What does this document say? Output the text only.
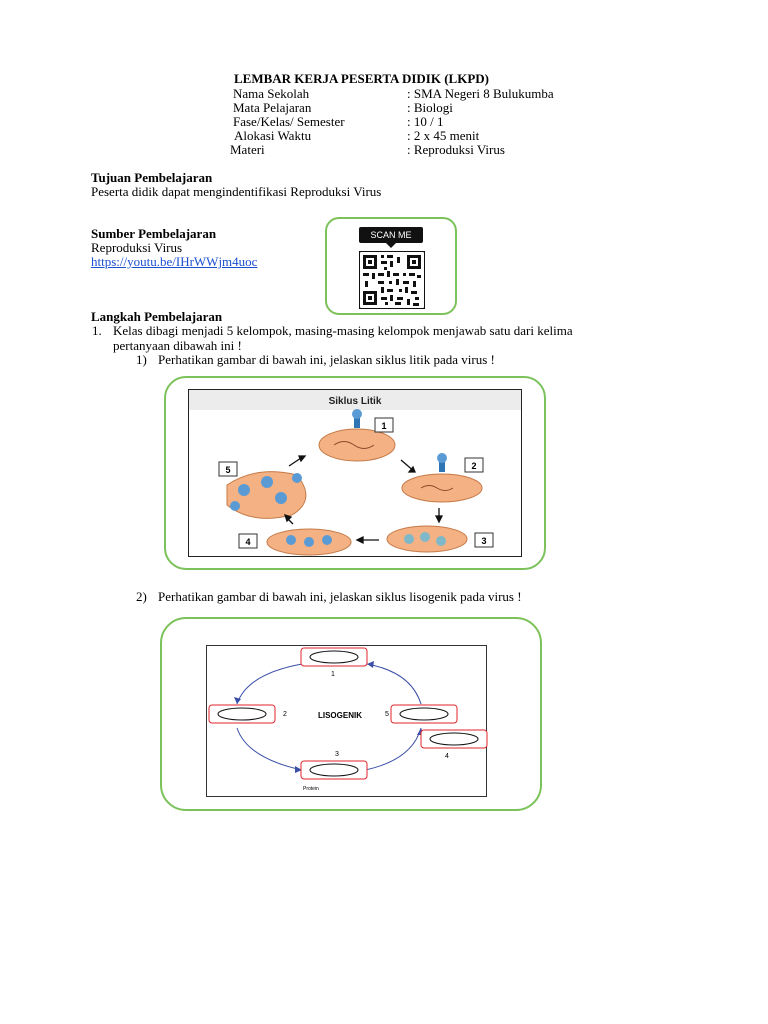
LEMBAR KERJA PESERTA DIDIK (LKPD)
Nama Sekolah	: SMA Negeri 8 Bulukumba
Mata Pelajaran	: Biologi
Fase/Kelas/ Semester	: 10 / 1
Alokasi Waktu	: 2 x 45 menit
Materi	: Reproduksi Virus
Tujuan Pembelajaran
Peserta didik dapat mengindentifikasi Reproduksi Virus
Sumber Pembelajaran
Reproduksi Virus
https://youtu.be/IHrWWjm4uoc
SCAN ME
Langkah Pembelajaran
1. Kelas dibagi menjadi 5 kelompok, masing-masing kelompok menjawab satu dari kelima
pertanyaan dibawah ini !
1) Perhatikan gambar di bawah ini, jelaskan siklus litik pada virus !
Siklus Litik
1
2
3
4
5
2) Perhatikan gambar di bawah ini, jelaskan siklus lisogenik pada virus !
1
2	LISOGENIK	5
4
3
Protein
